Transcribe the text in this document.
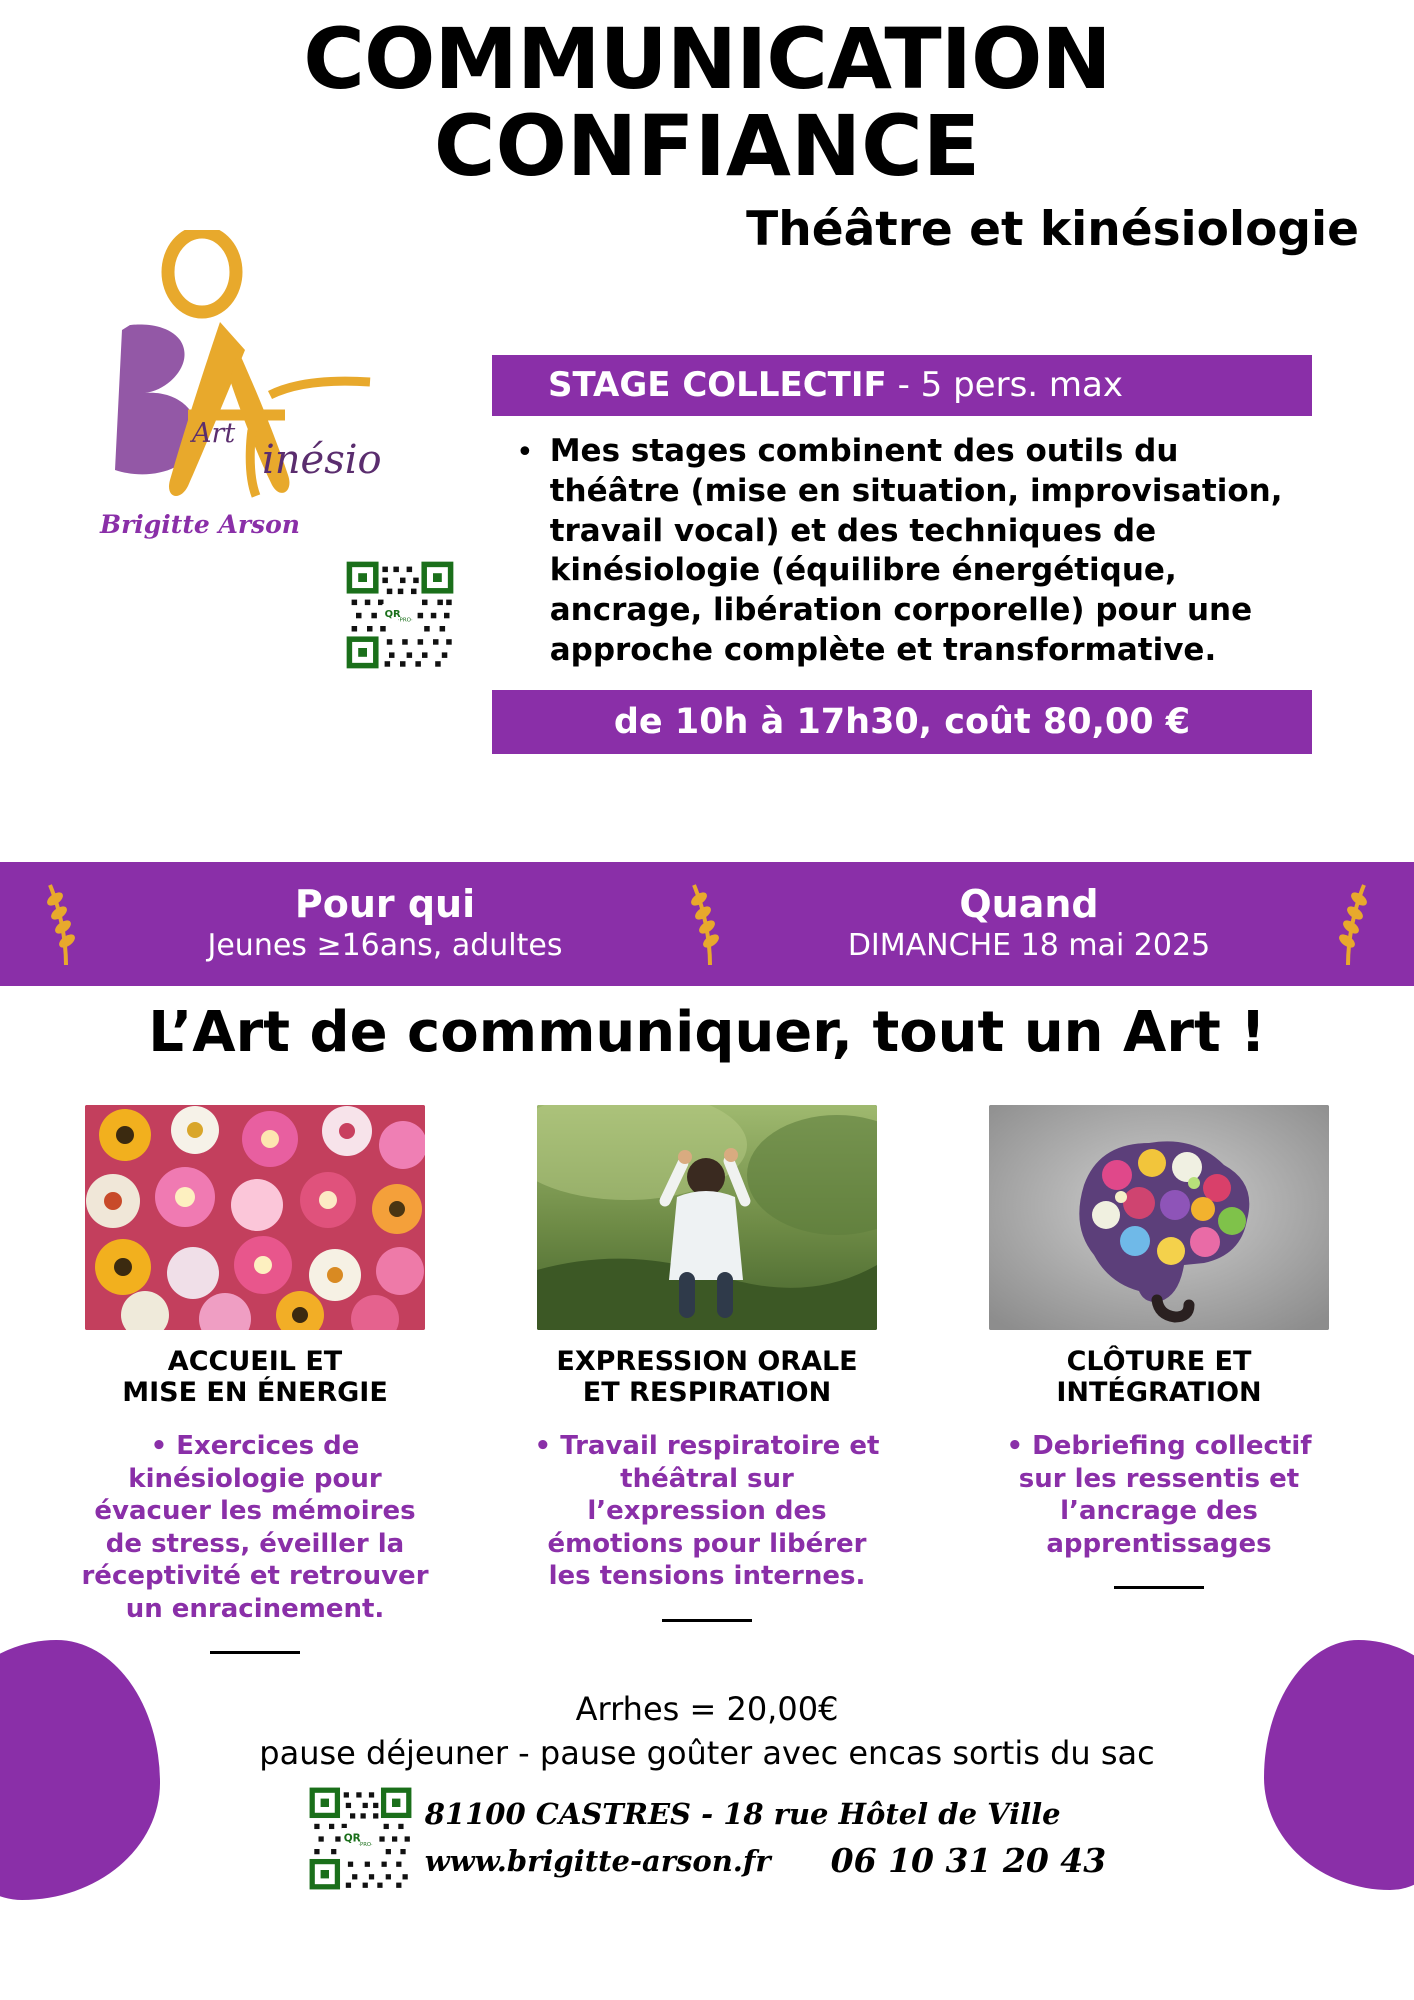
COMMUNICATION
CONFIANCE
Théâtre et kinésiologie
Art
inésio
Brigitte Arson
QR
·PRO·
STAGE COLLECTIF - 5 pers. max
• Mes stages combinent des outils du théâtre (mise en situation, improvisation, travail vocal) et des techniques de kinésiologie (équilibre énergétique, ancrage, libération corporelle) pour une approche complète et transformative.
de 10h à 17h30, coût 80,00 €
Pour qui
Jeunes ≥16ans, adultes
Quand
DIMANCHE 18 mai 2025
L’Art de communiquer, tout un Art !
ACCUEIL ET
MISE EN ÉNERGIE
• Exercices de kinésiologie pour évacuer les mémoires de stress, éveiller la réceptivité et retrouver un enracinement.
EXPRESSION ORALE
ET RESPIRATION
• Travail respiratoire et théâtral sur l’expression des émotions pour libérer les tensions internes.
CLÔTURE ET
INTÉGRATION
• Debriefing collectif sur les ressentis et l’ancrage des apprentissages
Arrhes = 20,00€
pause déjeuner - pause goûter avec encas sortis du sac
QR
·PRO·
81100 CASTRES - 18 rue Hôtel de Ville
www.brigitte-arson.fr 06 10 31 20 43
